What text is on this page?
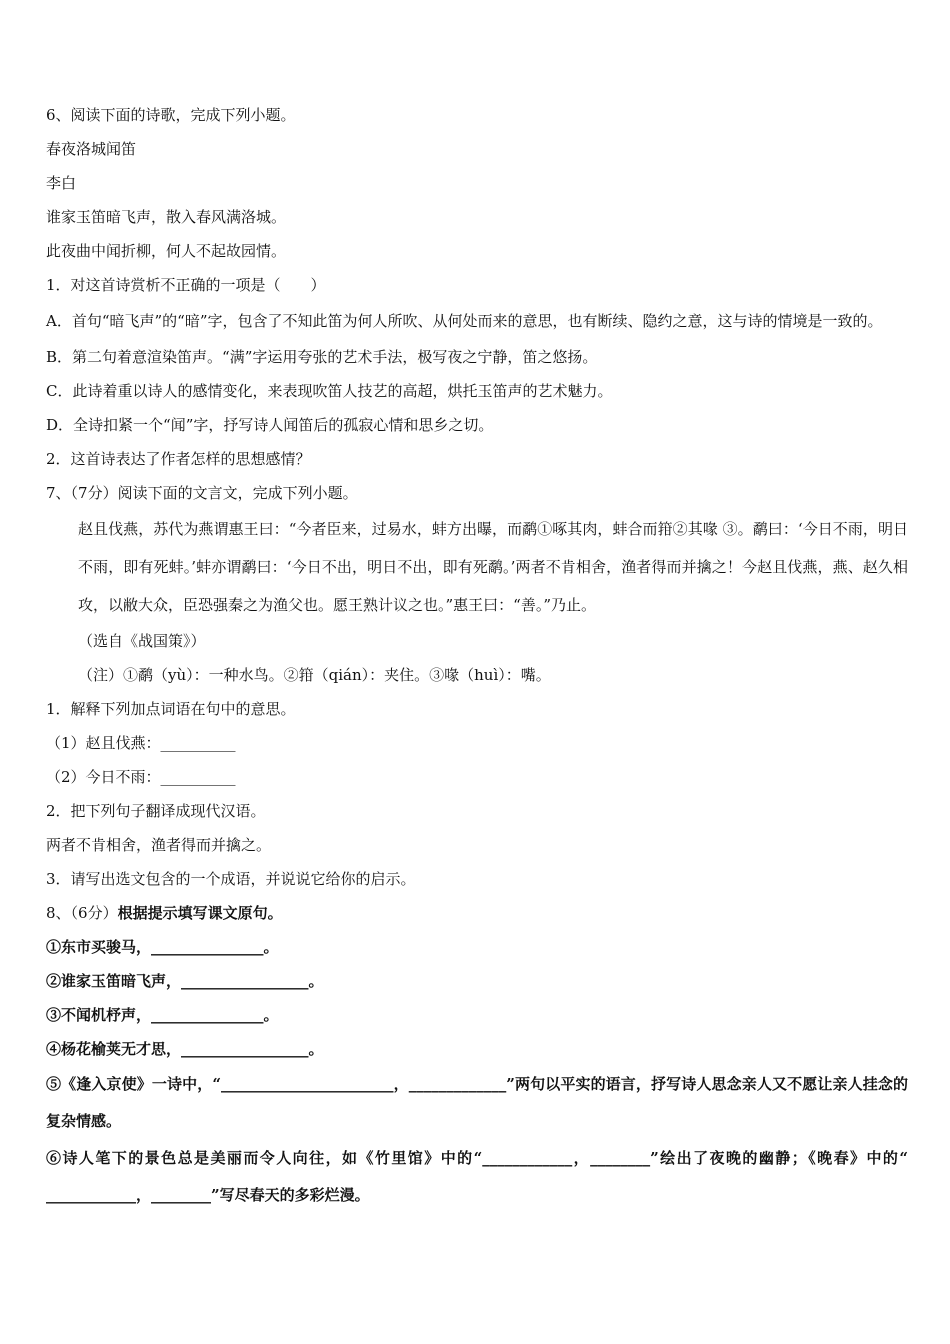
6、阅读下面的诗歌，完成下列小题。
春夜洛城闻笛
李白
谁家玉笛暗飞声，散入春风满洛城。
此夜曲中闻折柳，何人不起故园情。
1．对这首诗赏析不正确的一项是（　　）
A．首句“暗飞声”的“暗”字，包含了不知此笛为何人所吹、从何处而来的意思，也有断续、隐约之意，这与诗的情境是一致的。
B．第二句着意渲染笛声。“满”字运用夸张的艺术手法，极写夜之宁静，笛之悠扬。
C．此诗着重以诗人的感情变化，来表现吹笛人技艺的高超，烘托玉笛声的艺术魅力。
D．全诗扣紧一个“闻”字，抒写诗人闻笛后的孤寂心情和思乡之切。
2．这首诗表达了作者怎样的思想感情？
7、（7分）阅读下面的文言文，完成下列小题。
赵且伐燕，苏代为燕谓惠王曰：“今者臣来，过易水，蚌方出曝，而鹬①啄其肉，蚌合而箝②其喙 ③。鹬曰：‘今日不雨，明日不雨，即有死蚌。’蚌亦谓鹬曰：‘今日不出，明日不出，即有死鹬。’两者不肯相舍，渔者得而并擒之！今赵且伐燕，燕、赵久相攻，以敝大众，臣恐强秦之为渔父也。愿王熟计议之也。”惠王曰：“善。”乃止。
（选自《战国策》）
（注）①鹬（yù）：一种水鸟。②箝（qián）：夹住。③喙（huì）：嘴。
1．解释下列加点词语在句中的意思。
（1）赵且伐燕：__________
（2）今日不雨：__________
2．把下列句子翻译成现代汉语。
两者不肯相舍，渔者得而并擒之。
3．请写出选文包含的一个成语，并说说它给你的启示。
8、（6分）根据提示填写课文原句。
①东市买骏马，_______________。
②谁家玉笛暗飞声，_________________。
③不闻机杼声，_______________。
④杨花榆荚无才思，_________________。
⑤《逢入京使》一诗中，“_______________________，_____________”两句以平实的语言，抒写诗人思念亲人又不愿让亲人挂念的复杂情感。
⑥诗人笔下的景色总是美丽而令人向往，如《竹里馆》中的“____________，________”绘出了夜晚的幽静；《晚春》中的“ ____________，________”写尽春天的多彩烂漫。
